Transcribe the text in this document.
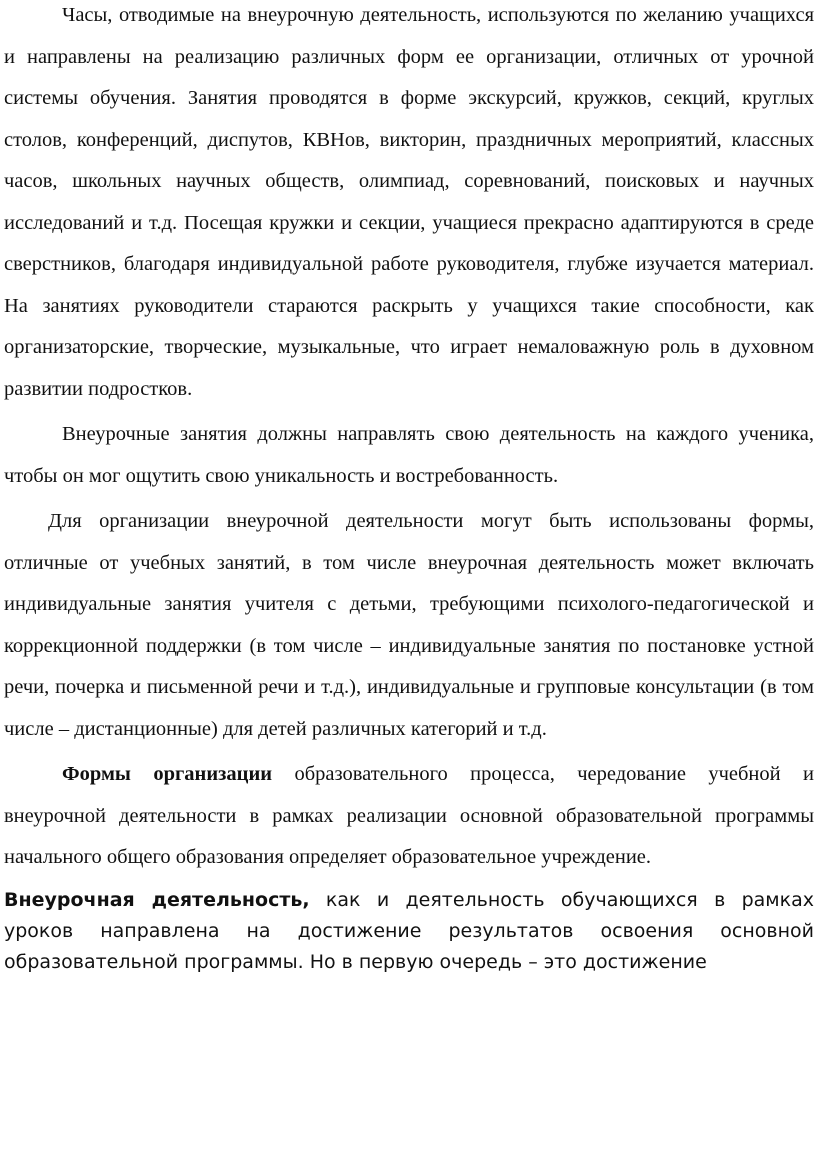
Часы, отводимые на внеурочную деятельность, используются по желанию учащихся и направлены на реализацию различных форм ее организации, отличных от урочной системы обучения. Занятия проводятся в форме экскурсий, кружков, секций, круглых столов, конференций, диспутов, КВНов, викторин, праздничных мероприятий, классных часов, школьных научных обществ, олимпиад, соревнований, поисковых и научных исследований и т.д. Посещая кружки и секции, учащиеся прекрасно адаптируются в среде сверстников, благодаря индивидуальной работе руководителя, глубже изучается материал. На занятиях руководители стараются раскрыть у учащихся такие способности, как организаторские, творческие, музыкальные, что играет немаловажную роль в духовном развитии подростков.

Внеурочные занятия должны направлять свою деятельность на каждого ученика, чтобы он мог ощутить свою уникальность и востребованность.

Для организации внеурочной деятельности могут быть использованы формы, отличные от учебных занятий, в том числе внеурочная деятельность может включать индивидуальные занятия учителя с детьми, требующими психолого-педагогической и коррекционной поддержки (в том числе – индивидуальные занятия по постановке устной речи, почерка и письменной речи и т.д.), индивидуальные и групповые консультации (в том числе – дистанционные) для детей различных категорий и т.д.

Формы организации образовательного процесса, чередование учебной и внеурочной деятельности в рамках реализации основной образовательной программы начального общего образования определяет образовательное учреждение.

Внеурочная деятельность, как и деятельность обучающихся в рамках уроков направлена на достижение результатов освоения основной образовательной программы. Но в первую очередь – это достижение
